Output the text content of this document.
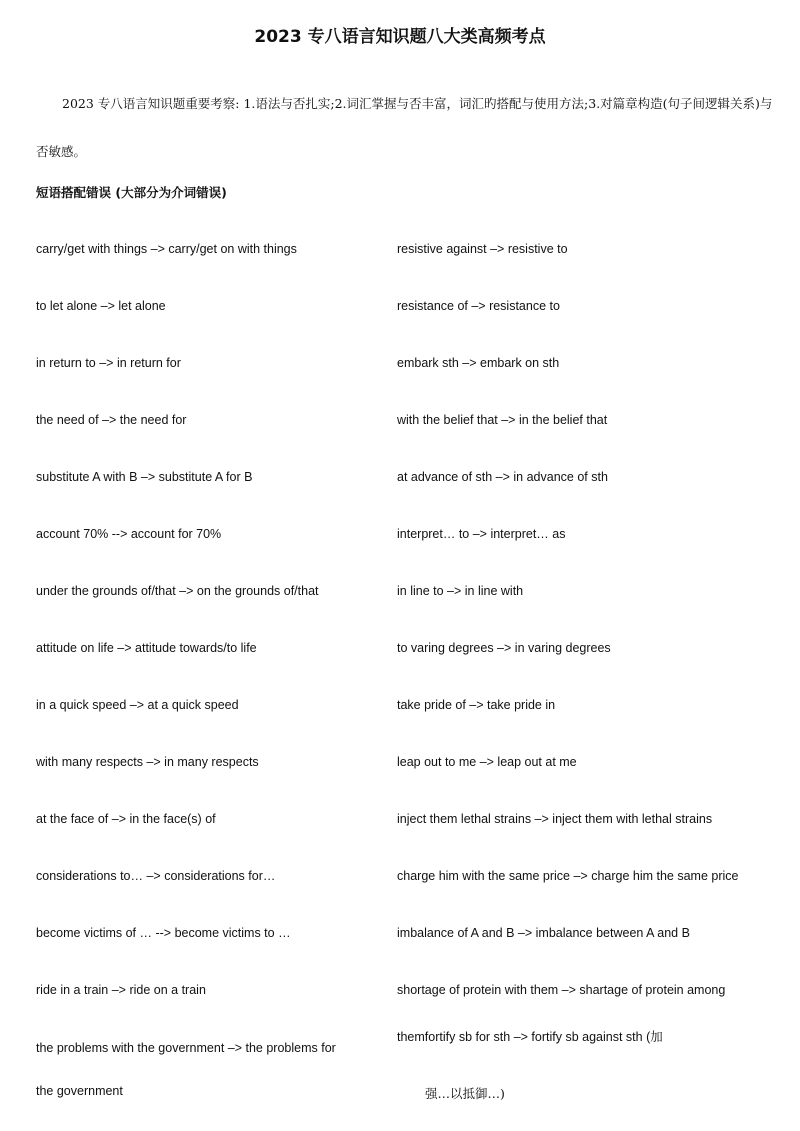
2023 专八语言知识题八大类高频考点

2023 专八语言知识题重要考察: 1.语法与否扎实;2.词汇掌握与否丰富，词汇旳搭配与使用方法;3.对篇章构造(句子间逻辑关系)与否敏感。

短语搭配错误 (大部分为介词错误)
carry/get with things –> carry/get on with things
to let alone –> let alone
in return to –> in return for
the need of –> the need for
substitute A with B –> substitute A for B
account 70% --> account for 70%
under the grounds of/that –> on the grounds of/that
attitude on life –> attitude towards/to life
in a quick speed –> at a quick speed
with many respects –> in many respects
at the face of –> in the face(s) of
considerations to… –> considerations for…
become victims of … --> become victims to …
ride in a train –> ride on a train
the problems with the government –> the problems for
the government
resistive against –> resistive to
resistance of –> resistance to
embark sth –> embark on sth
with the belief that –> in the belief that
at advance of sth –> in advance of sth
interpret… to –> interpret… as
in line to –> in line with
to varing degrees –> in varing degrees
take pride of –> take pride in
leap out to me –> leap out at me
inject them lethal strains –> inject them with lethal strains
charge him with the same price –> charge him the same price
imbalance of A and B –> imbalance between A and B
shortage of protein with them –> shartage of protein among
themfortify sb for sth –> fortify sb against sth (加
强…以抵御…)
